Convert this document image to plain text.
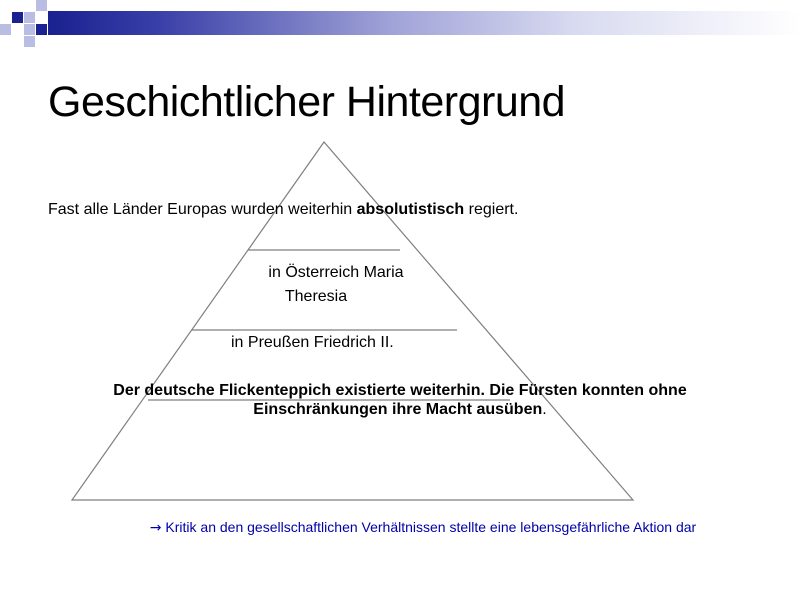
Geschichtlicher Hintergrund
Fast alle Länder Europas wurden weiterhin absolutistisch regiert.
in Österreich Maria
Theresia
in Preußen Friedrich II.
Der deutsche Flickenteppich existierte weiterhin. Die Fürsten konnten ohne Einschränkungen ihre Macht ausüben.
→ Kritik an den gesellschaftlichen Verhältnissen stellte eine lebensgefährliche Aktion dar
